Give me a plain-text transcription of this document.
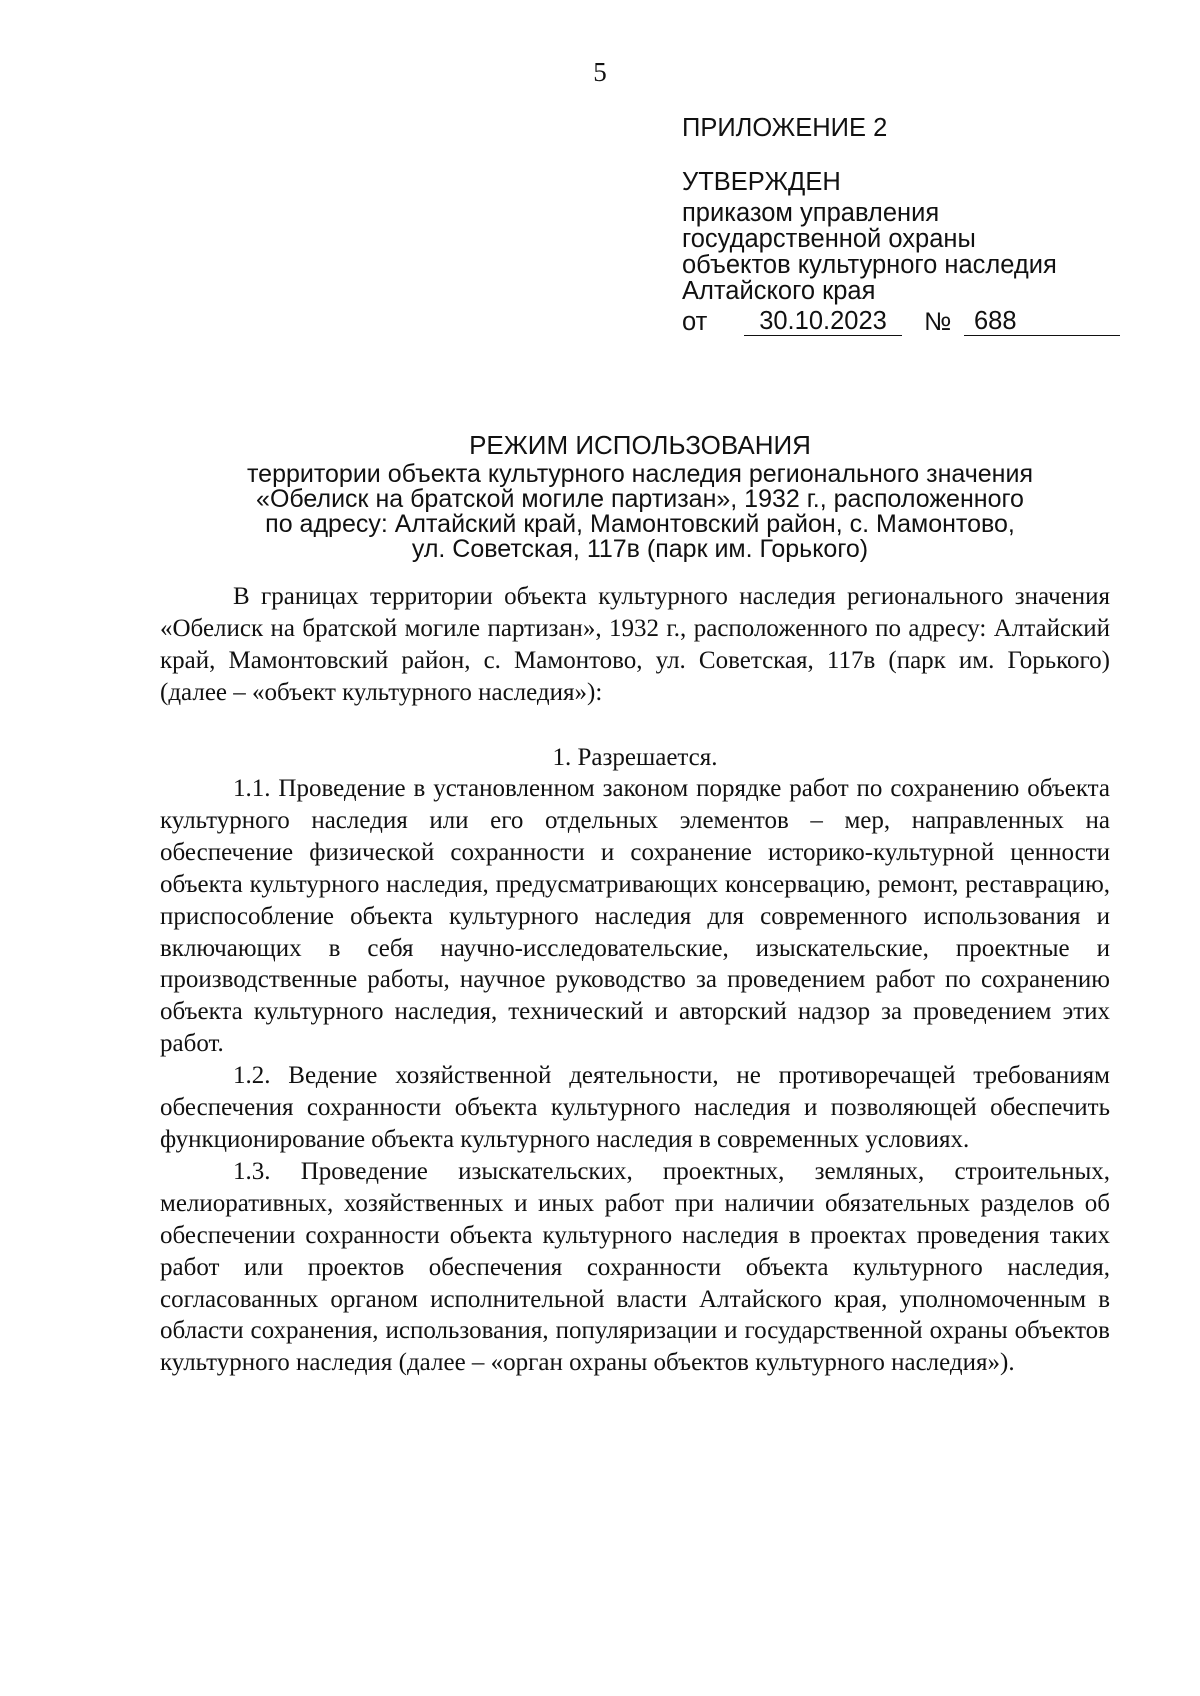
5
ПРИЛОЖЕНИЕ 2
УТВЕРЖДЕН
приказом управления
государственной охраны
объектов культурного наследия
Алтайского края
от	30.10.2023	№ 688
РЕЖИМ ИСПОЛЬЗОВАНИЯ
территории объекта культурного наследия регионального значения
«Обелиск на братской могиле партизан», 1932 г., расположенного
по адресу: Алтайский край, Мамонтовский район, с. Мамонтово,
ул. Советская, 117в (парк им. Горького)

В границах территории объекта культурного наследия регионального значения «Обелиск на братской могиле партизан», 1932 г., расположенного по адресу: Алтайский край, Мамонтовский район, с. Мамонтово, ул. Советская, 117в (парк им. Горького) (далее – «объект культурного наследия»):

1. Разрешается.

1.1. Проведение в установленном законом порядке работ по сохранению объекта культурного наследия или его отдельных элементов – мер, направленных на обеспечение физической сохранности и сохранение историко-культурной ценности объекта культурного наследия, предусматривающих консервацию, ремонт, реставрацию, приспособление объекта культурного наследия для современного использования и включающих в себя научно-исследовательские, изыскательские, проектные и производственные работы, научное руководство за проведением работ по сохранению объекта культурного наследия, технический и авторский надзор за проведением этих работ.

1.2. Ведение хозяйственной деятельности, не противоречащей требованиям обеспечения сохранности объекта культурного наследия и позволяющей обеспечить функционирование объекта культурного наследия в современных условиях.

1.3. Проведение изыскательских, проектных, земляных, строительных, мелиоративных, хозяйственных и иных работ при наличии обязательных разделов об обеспечении сохранности объекта культурного наследия в проектах проведения таких работ или проектов обеспечения сохранности объекта культурного наследия, согласованных органом исполнительной власти Алтайского края, уполномоченным в области сохранения, использования, популяризации и государственной охраны объектов культурного наследия (далее – «орган охраны объектов культурного наследия»).
